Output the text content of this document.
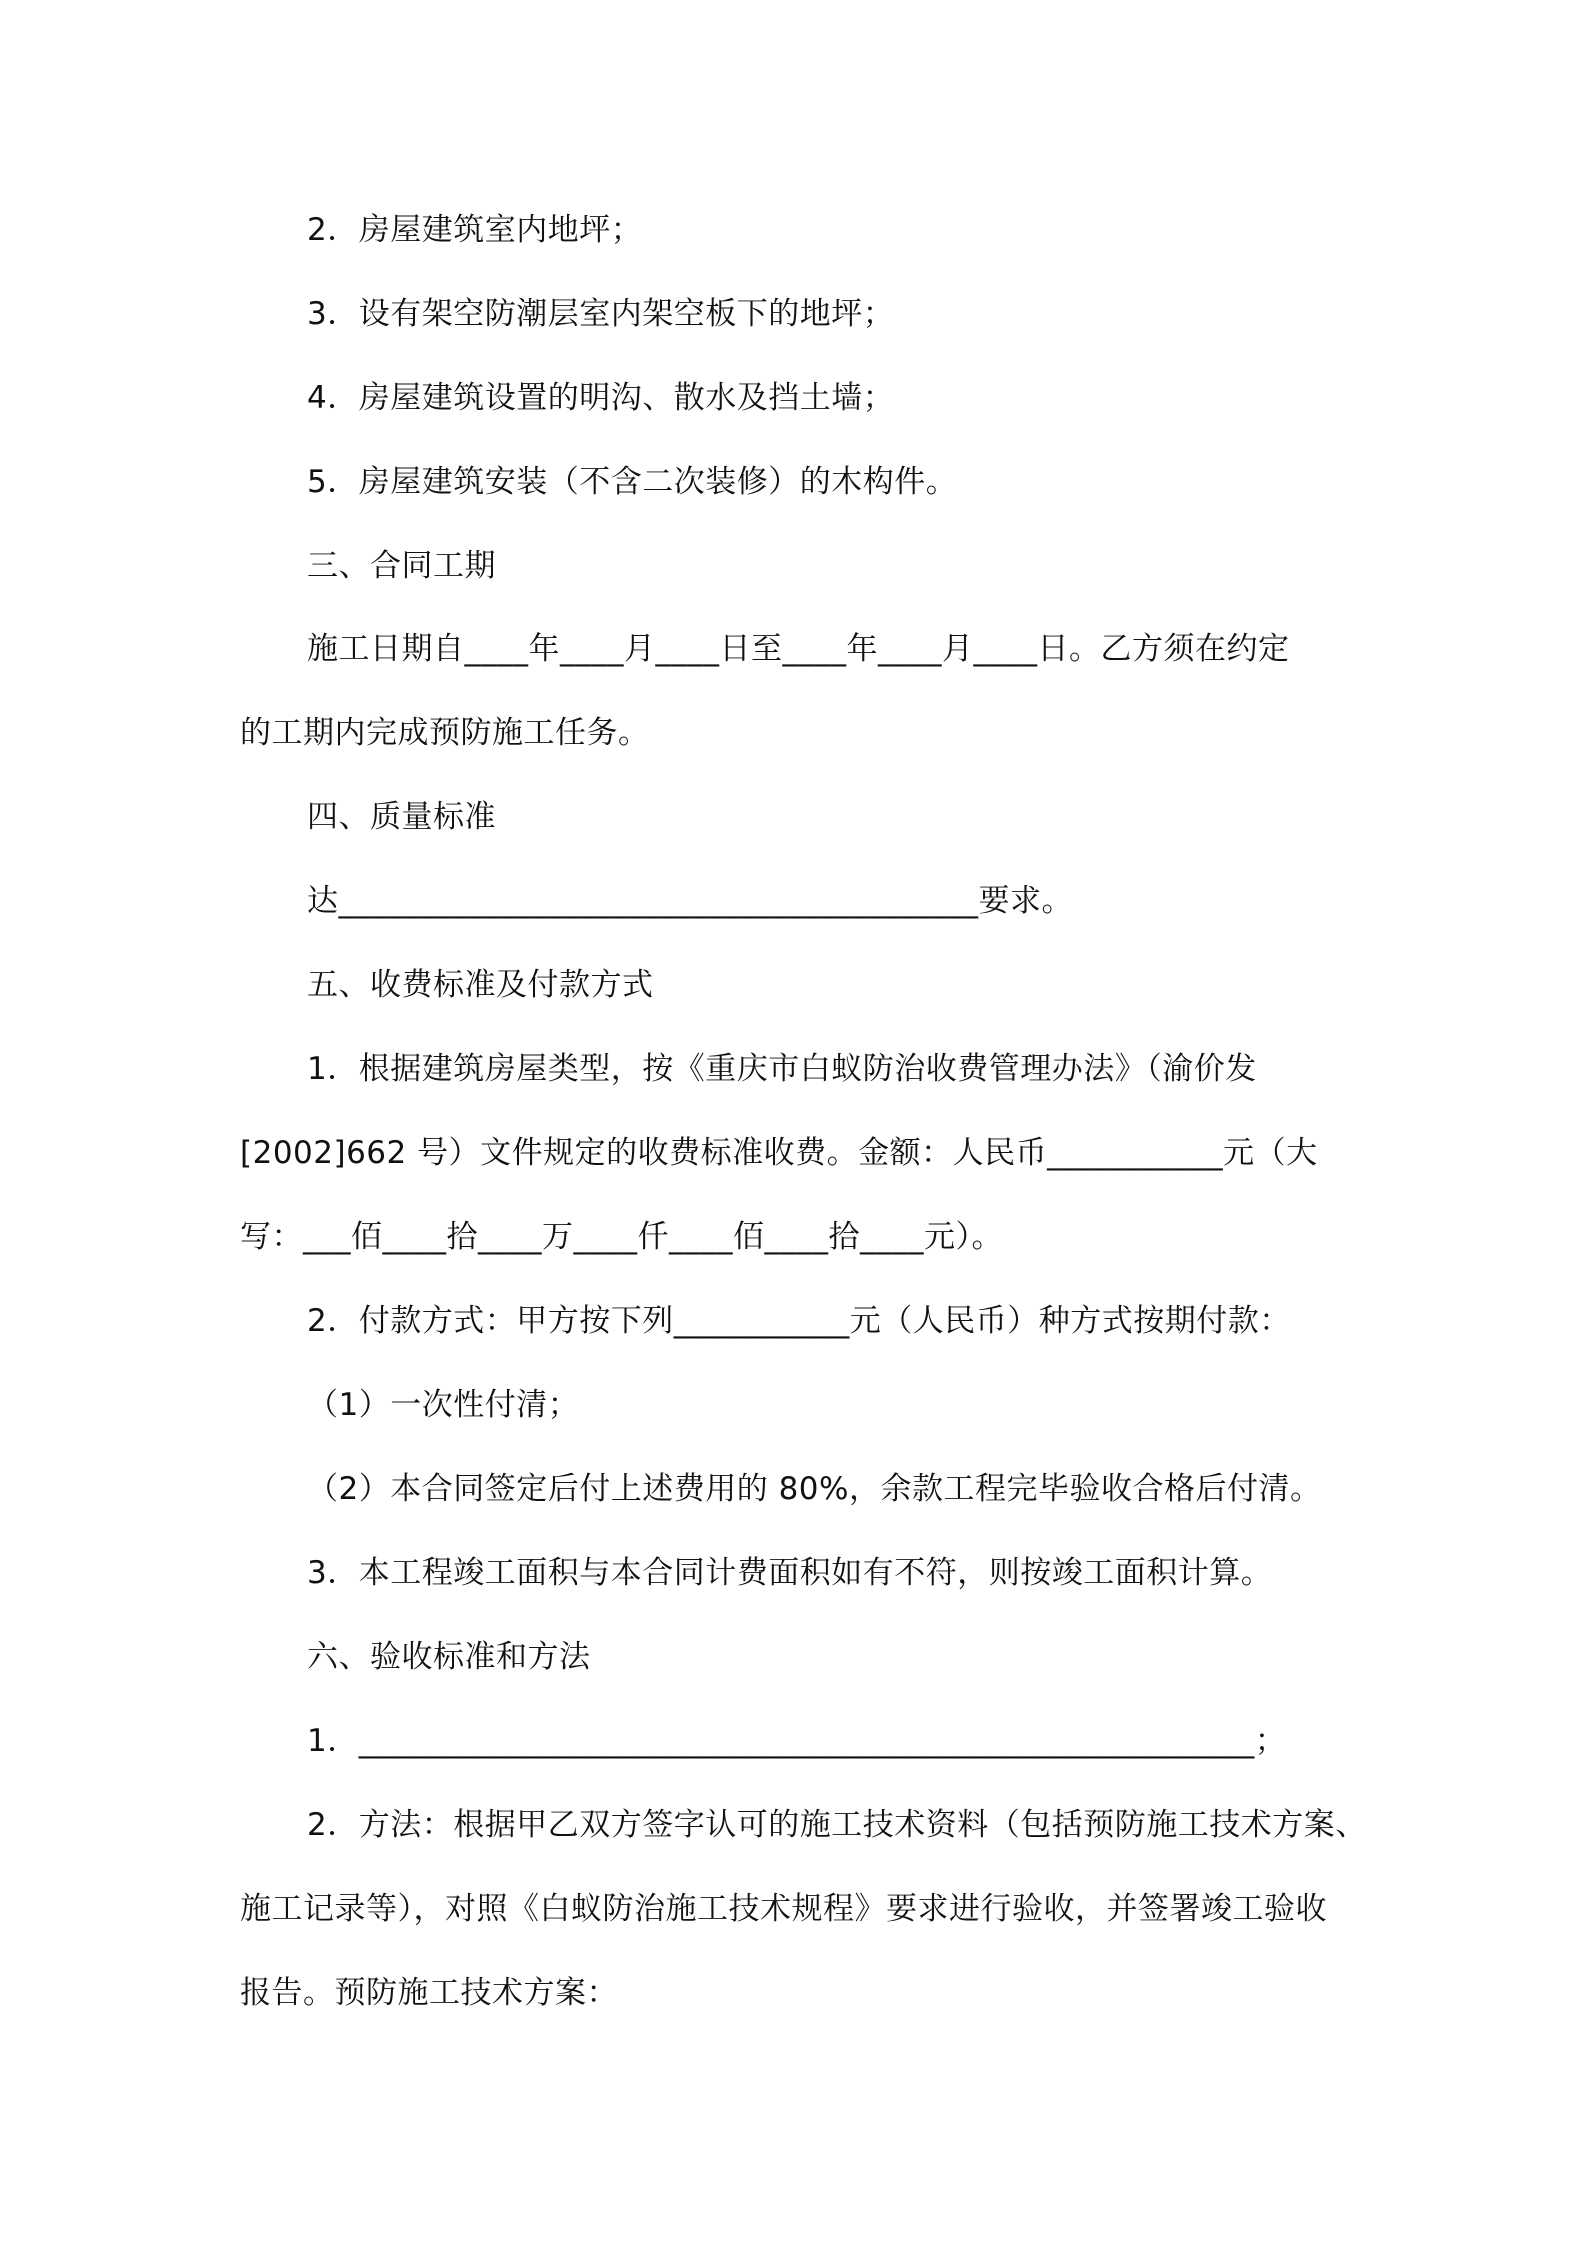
2．房屋建筑室内地坪；

3．设有架空防潮层室内架空板下的地坪；

4．房屋建筑设置的明沟、散水及挡土墙；

5．房屋建筑安装（不含二次装修）的木构件。

三、合同工期

施工日期自____年____月____日至____年____月____日。乙方须在约定

的工期内完成预防施工任务。

四、质量标准

达________________________________________要求。

五、收费标准及付款方式

1．根据建筑房屋类型，按《重庆市白蚁防治收费管理办法》（渝价发

[2002]662 号）文件规定的收费标准收费。金额：人民币___________元（大

写：___佰____拾____万____仟____佰____拾____元）。

2．付款方式：甲方按下列___________元（人民币）种方式按期付款：

（1）一次性付清；

（2）本合同签定后付上述费用的 80%，余款工程完毕验收合格后付清。

3．本工程竣工面积与本合同计费面积如有不符，则按竣工面积计算。

六、验收标准和方法

1．________________________________________________________；

2．方法：根据甲乙双方签字认可的施工技术资料（包括预防施工技术方案、

施工记录等），对照《白蚁防治施工技术规程》要求进行验收，并签署竣工验收

报告。预防施工技术方案：
